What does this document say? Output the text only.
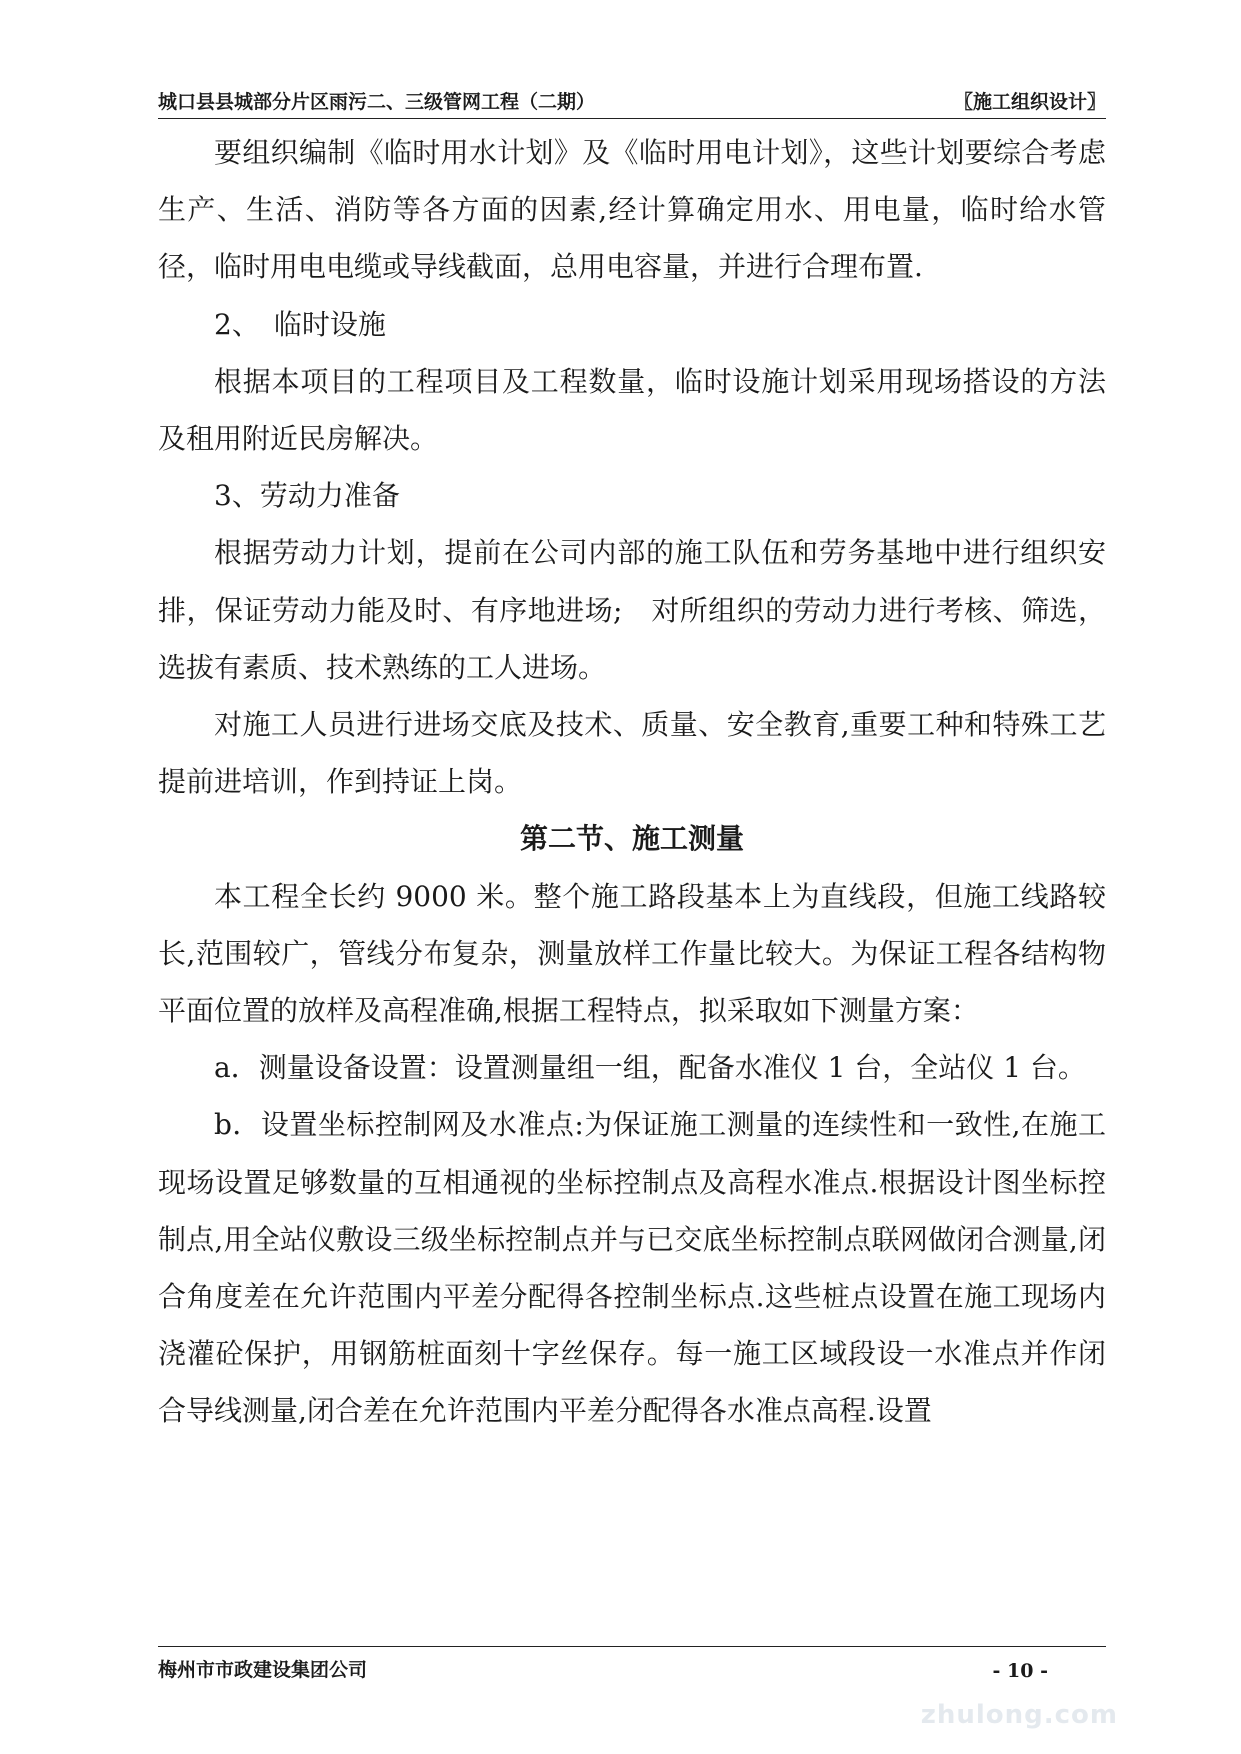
城口县县城部分片区雨污二、三级管网工程（二期）	〖施工组织设计〗

要组织编制《临时用水计划》及《临时用电计划》，这些计划要综合考虑生产、生活、消防等各方面的因素,经计算确定用水、用电量，临时给水管径，临时用电电缆或导线截面，总用电容量，并进行合理布置.

2、　临时设施

根据本项目的工程项目及工程数量，临时设施计划采用现场搭设的方法及租用附近民房解决。

3、劳动力准备

根据劳动力计划，提前在公司内部的施工队伍和劳务基地中进行组织安排，保证劳动力能及时、有序地进场;　对所组织的劳动力进行考核、筛选，选拔有素质、技术熟练的工人进场。

对施工人员进行进场交底及技术、质量、安全教育,重要工种和特殊工艺提前进培训，作到持证上岗。

第二节、施工测量

本工程全长约 9000 米。整个施工路段基本上为直线段，但施工线路较长,范围较广，管线分布复杂，测量放样工作量比较大。为保证工程各结构物平面位置的放样及高程准确,根据工程特点，拟采取如下测量方案：

a．测量设备设置：设置测量组一组，配备水准仪 1 台，全站仪 1 台。

b．设置坐标控制网及水准点:为保证施工测量的连续性和一致性,在施工现场设置足够数量的互相通视的坐标控制点及高程水准点.根据设计图坐标控制点,用全站仪敷设三级坐标控制点并与已交底坐标控制点联网做闭合测量,闭合角度差在允许范围内平差分配得各控制坐标点.这些桩点设置在施工现场内浇灌砼保护，用钢筋桩面刻十字丝保存。每一施工区域段设一水准点并作闭合导线测量,闭合差在允许范围内平差分配得各水准点高程.设置

梅州市市政建设集团公司	- 10 -
zhulong.com
